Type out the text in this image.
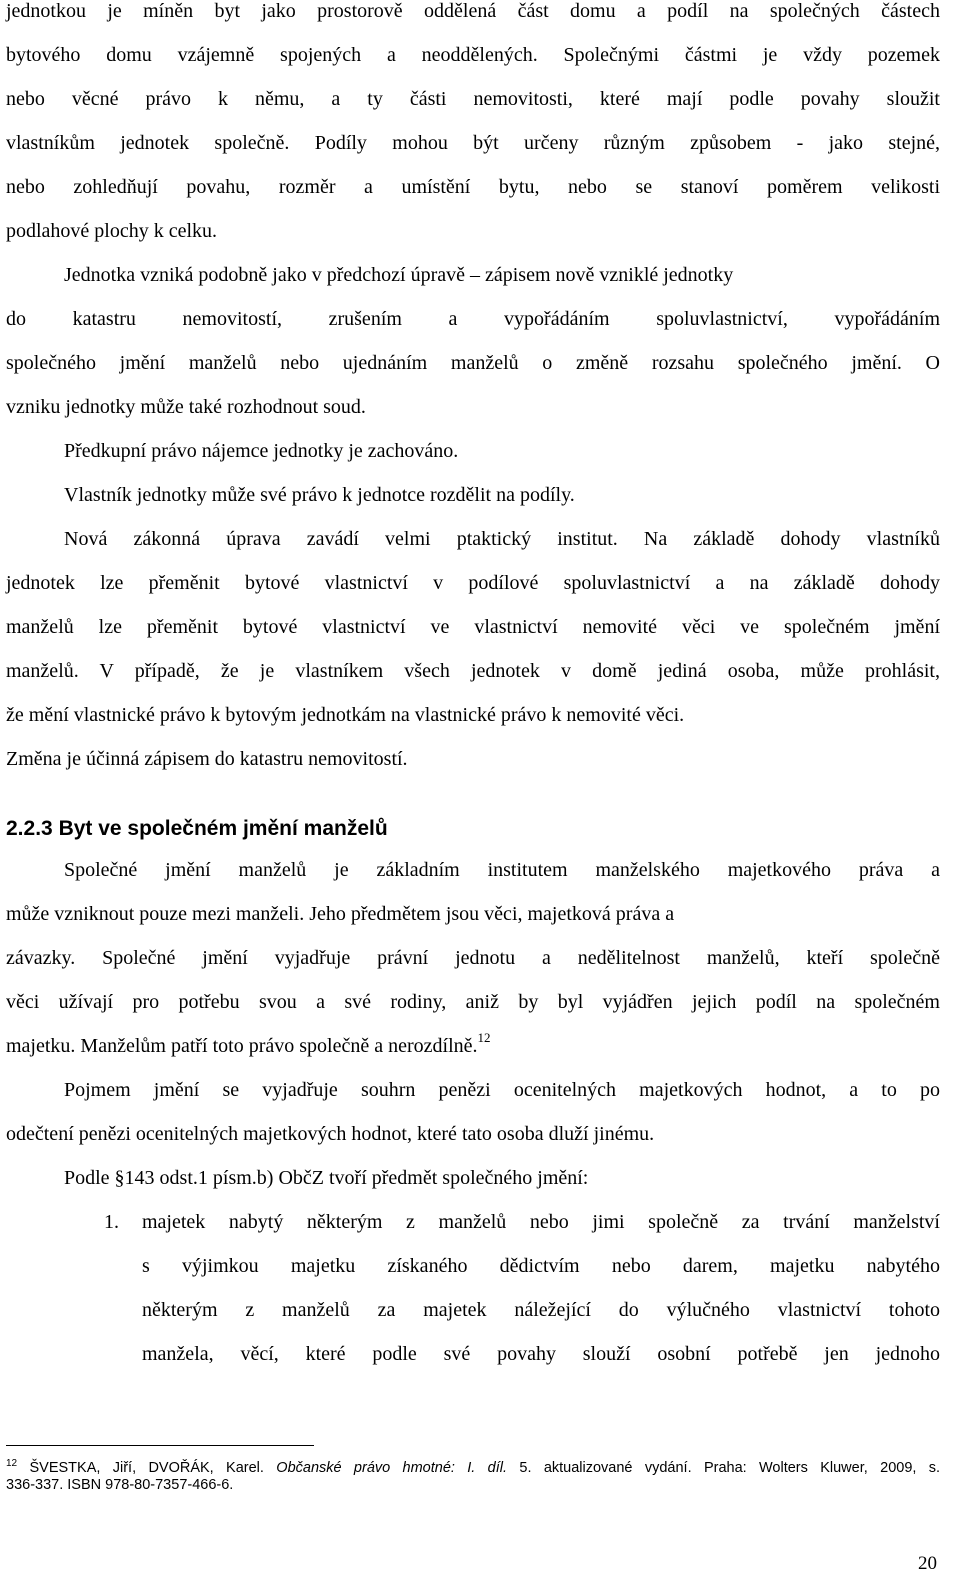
jednotkou je míněn byt jako prostorově oddělená část domu a podíl na společných částech
bytového domu vzájemně spojených a neoddělených. Společnými částmi je vždy pozemek
nebo věcné právo k němu, a ty části nemovitosti, které mají podle povahy sloužit
vlastníkům jednotek společně. Podíly mohou být určeny různým způsobem - jako stejné,
nebo zohledňují povahu, rozměr a umístění bytu, nebo se stanoví poměrem velikosti
podlahové plochy k celku.
Jednotka vzniká podobně jako v předchozí úpravě – zápisem nově vzniklé jednotky
do katastru nemovitostí, zrušením a vypořádáním spoluvlastnictví, vypořádáním
společného jmění manželů nebo ujednáním manželů o změně rozsahu společného jmění. O
vzniku jednotky může také rozhodnout soud.
Předkupní právo nájemce jednotky je zachováno.
Vlastník jednotky může své právo k jednotce rozdělit na podíly.
Nová zákonná úprava zavádí velmi ptaktický institut. Na základě dohody vlastníků
jednotek lze přeměnit bytové vlastnictví v podílové spoluvlastnictví a na základě dohody
manželů lze přeměnit bytové vlastnictví ve vlastnictví nemovité věci ve společném jmění
manželů. V případě, že je vlastníkem všech jednotek v domě jediná osoba, může prohlásit,
že mění vlastnické právo k bytovým jednotkám na vlastnické právo k nemovité věci.
Změna je účinná zápisem do katastru nemovitostí.
2.2.3 Byt ve společném jmění manželů
Společné jmění manželů je základním institutem manželského majetkového práva a
může vzniknout pouze mezi manželi. Jeho předmětem jsou věci, majetková práva a
závazky. Společné jmění vyjadřuje právní jednotu a nedělitelnost manželů, kteří společně
věci užívají pro potřebu svou a své rodiny, aniž by byl vyjádřen jejich podíl na společném
majetku. Manželům patří toto právo společně a nerozdílně.$^{12}$
Pojmem jmění se vyjadřuje souhrn penězi ocenitelných majetkových hodnot, a to po
odečtení penězi ocenitelných majetkových hodnot, které tato osoba dluží jinému.
Podle §143 odst.1 písm.b) ObčZ tvoří předmět společného jmění:
1. majetek nabytý některým z manželů nebo jimi společně za trvání manželství
s výjimkou majetku získaného dědictvím nebo darem, majetku nabytého
některým z manželů za majetek náležející do výlučného vlastnictví tohoto
manžela, věcí, které podle své povahy slouží osobní potřebě jen jednoho
$^{12}$ ŠVESTKA, Jiří, DVOŘÁK, Karel. Občanské právo hmotné: I. díl. 5. aktualizované vydání. Praha: Wolters Kluwer, 2009, s.
336-337. ISBN 978-80-7357-466-6.
20
